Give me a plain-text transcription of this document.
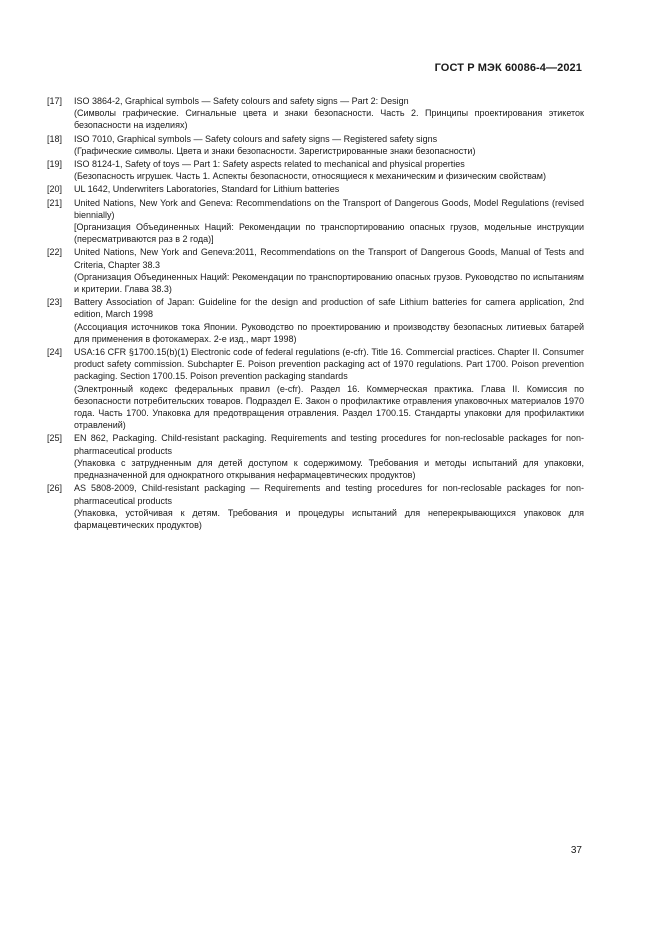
ГОСТ Р МЭК 60086-4—2021
[17] ISO 3864-2, Graphical symbols — Safety colours and safety signs — Part 2: Design
(Символы графические. Сигнальные цвета и знаки безопасности. Часть 2. Принципы проектирования этикеток безопасности на изделиях)
[18] ISO 7010, Graphical symbols — Safety colours and safety signs — Registered safety signs
(Графические символы. Цвета и знаки безопасности. Зарегистрированные знаки безопасности)
[19] ISO 8124-1, Safety of toys — Part 1: Safety aspects related to mechanical and physical properties
(Безопасность игрушек. Часть 1. Аспекты безопасности, относящиеся к механическим и физическим свойствам)
[20] UL 1642, Underwriters Laboratories, Standard for Lithium batteries
[21] United Nations, New York and Geneva: Recommendations on the Transport of Dangerous Goods, Model Regulations (revised biennially)
[Организация Объединенных Наций: Рекомендации по транспортированию опасных грузов, модельные инструкции (пересматриваются раз в 2 года)]
[22] United Nations, New York and Geneva:2011, Recommendations on the Transport of Dangerous Goods, Manual of Tests and Criteria, Chapter 38.3
(Организация Объединенных Наций: Рекомендации по транспортированию опасных грузов. Руководство по испытаниям и критерии. Глава 38.3)
[23] Battery Association of Japan: Guideline for the design and production of safe Lithium batteries for camera application, 2nd edition, March 1998
(Ассоциация источников тока Японии. Руководство по проектированию и производству безопасных литиевых батарей для применения в фотокамерах. 2-е изд., март 1998)
[24] USA:16 CFR §1700.15(b)(1) Electronic code of federal regulations (e-cfr). Title 16. Commercial practices. Chapter II. Consumer product safety commission. Subchapter E. Poison prevention packaging act of 1970 regulations. Part 1700. Poison prevention packaging. Section 1700.15. Poison prevention packaging standards
(Электронный кодекс федеральных правил (e-cfr). Раздел 16. Коммерческая практика. Глава II. Комиссия по безопасности потребительских товаров. Подраздел Е. Закон о профилактике отравления упаковочных материалов 1970 года. Часть 1700. Упаковка для предотвращения отравления. Раздел 1700.15. Стандарты упаковки для профилактики отравлений)
[25] EN 862, Packaging. Child-resistant packaging. Requirements and testing procedures for non-reclosable packages for non-pharmaceutical products
(Упаковка с затрудненным для детей доступом к содержимому. Требования и методы испытаний для упаковки, предназначенной для однократного открывания нефармацевтических продуктов)
[26] AS 5808-2009, Child-resistant packaging — Requirements and testing procedures for non-reclosable packages for non-pharmaceutical products
(Упаковка, устойчивая к детям. Требования и процедуры испытаний для неперекрывающихся упаковок для фармацевтических продуктов)
37
